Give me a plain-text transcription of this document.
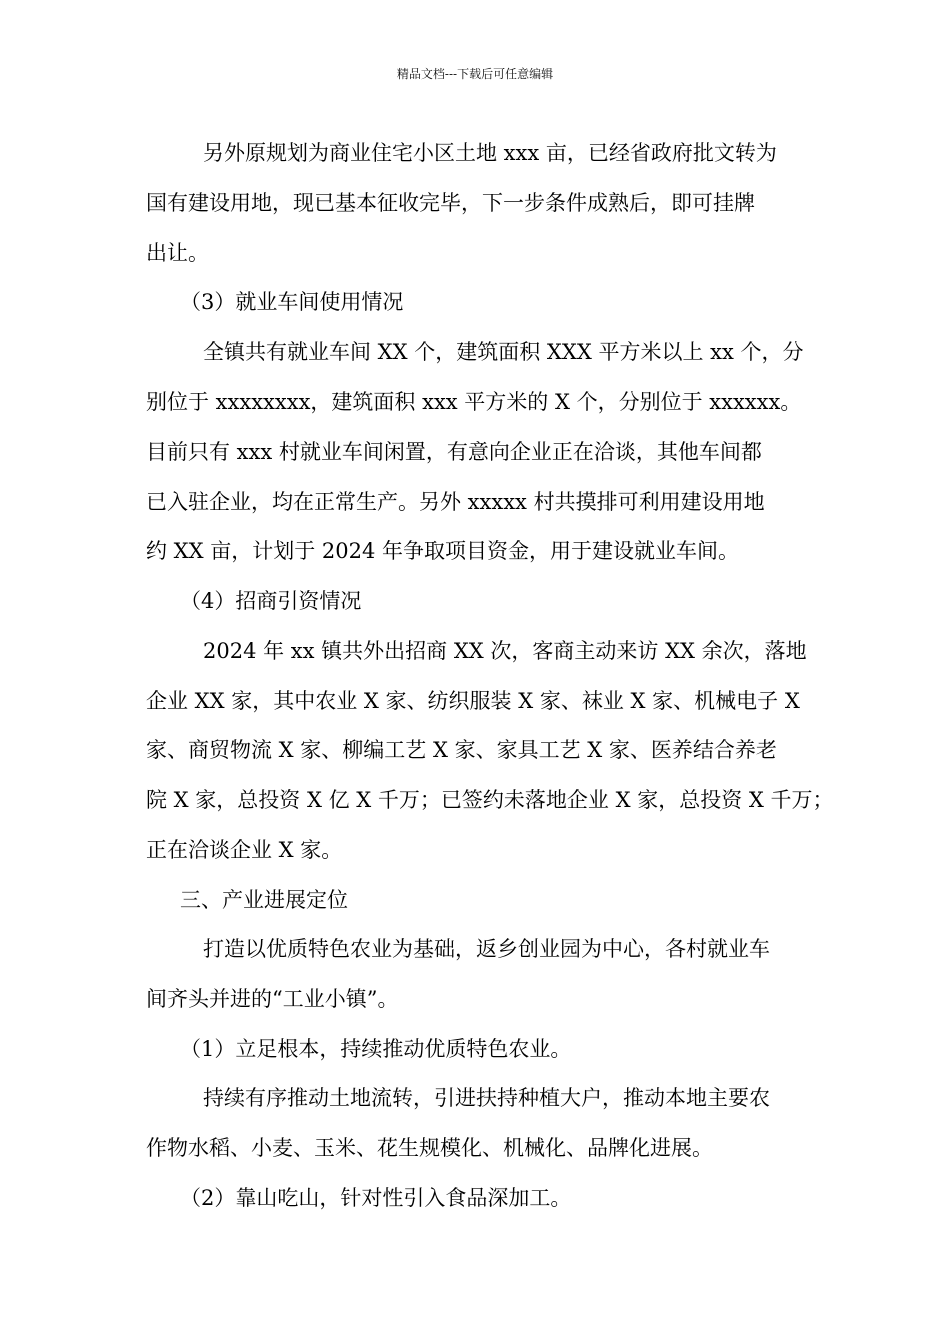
精品文档---下载后可任意编辑
另外原规划为商业住宅小区土地 xxx 亩，已经省政府批文转为
国有建设用地，现已基本征收完毕，下一步条件成熟后，即可挂牌
出让。
（3）就业车间使用情况
全镇共有就业车间 XX 个，建筑面积 XXX 平方米以上 xx 个，分
别位于 xxxxxxxx，建筑面积 xxx 平方米的 X 个，分别位于 xxxxxx。
目前只有 xxx 村就业车间闲置，有意向企业正在洽谈，其他车间都
已入驻企业，均在正常生产。另外 xxxxx 村共摸排可利用建设用地
约 XX 亩，计划于 2024 年争取项目资金，用于建设就业车间。
（4）招商引资情况
2024 年 xx 镇共外出招商 XX 次，客商主动来访 XX 余次，落地
企业 XX 家，其中农业 X 家、纺织服装 X 家、袜业 X 家、机械电子 X
家、商贸物流 X 家、柳编工艺 X 家、家具工艺 X 家、医养结合养老
院 X 家，总投资 X 亿 X 千万；已签约未落地企业 X 家，总投资 X 千万；
正在洽谈企业 X 家。
三、产业进展定位
打造以优质特色农业为基础，返乡创业园为中心，各村就业车
间齐头并进的“工业小镇”。
（1）立足根本，持续推动优质特色农业。
持续有序推动土地流转，引进扶持种植大户，推动本地主要农
作物水稻、小麦、玉米、花生规模化、机械化、品牌化进展。
（2）靠山吃山，针对性引入食品深加工。
